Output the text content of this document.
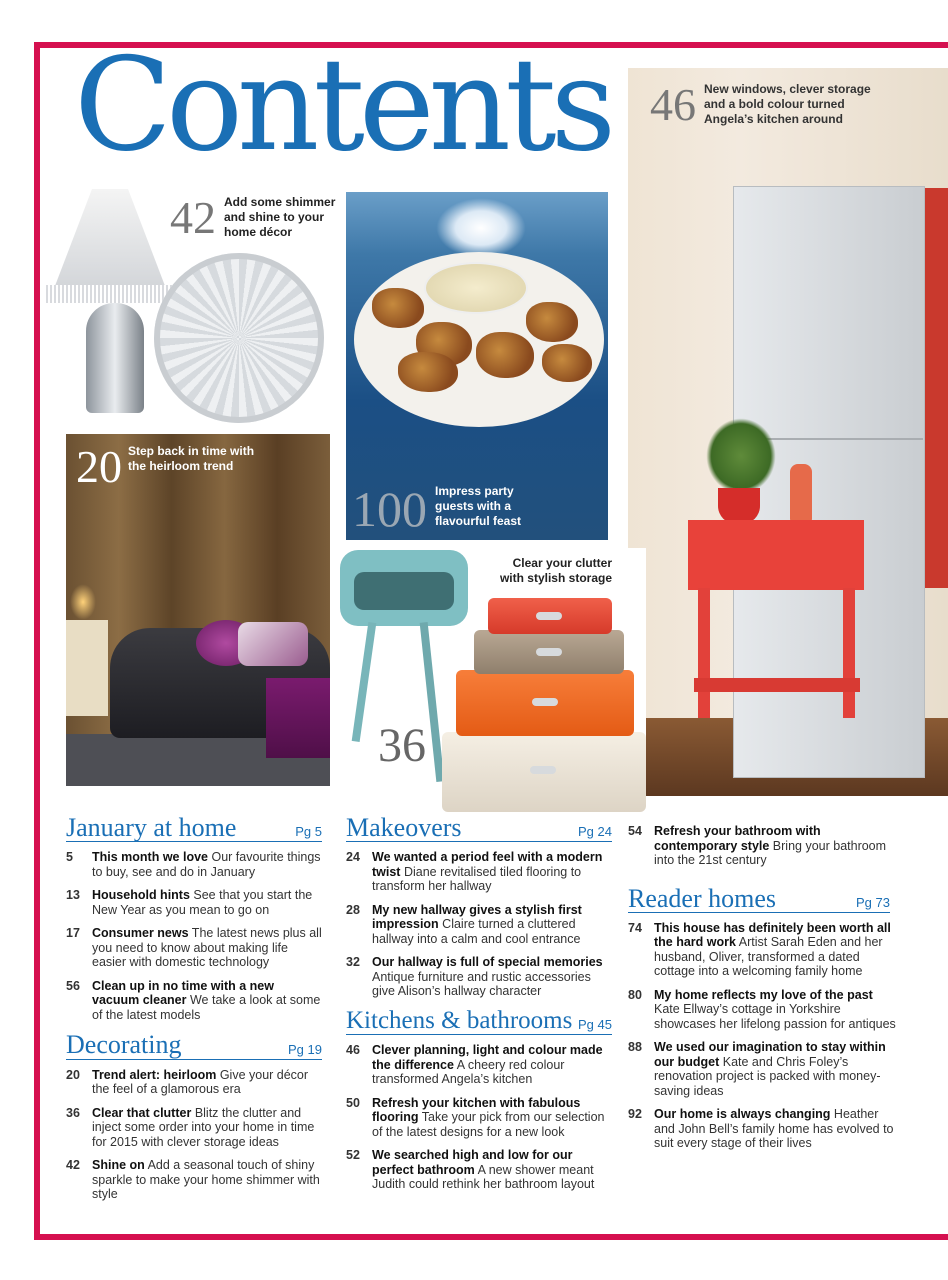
46 New windows, clever storage and a bold colour turned Angela’s kitchen around
Contents
42 Add some shimmer and shine to your home décor
100 Impress party guests with a flavourful feast
20 Step back in time with the heirloom trend
Clear your clutter with stylish storage
36
January at home	Pg 5
5	This month we love Our favourite things to buy, see and do in January
13 Household hints See that you start the New Year as you mean to go on
17 Consumer news The latest news plus all you need to know about making life easier with domestic technology
56 Clean up in no time with a new vacuum cleaner We take a look at some of the latest models
Decorating	Pg 19
20 Trend alert: heirloom Give your décor the feel of a glamorous era
36 Clear that clutter Blitz the clutter and inject some order into your home in time for 2015 with clever storage ideas
42 Shine on Add a seasonal touch of shiny sparkle to make your home shimmer with style
Makeovers	Pg 24
24 We wanted a period feel with a modern twist Diane revitalised tiled flooring to transform her hallway
28 My new hallway gives a stylish first impression Claire turned a cluttered hallway into a calm and cool entrance
32 Our hallway is full of special memories Antique furniture and rustic accessories give Alison’s hallway character
Kitchens & bathrooms Pg 45
46 Clever planning, light and colour made the difference A cheery red colour transformed Angela’s kitchen
50 Refresh your kitchen with fabulous flooring Take your pick from our selection of the latest designs for a new look
52 We searched high and low for our perfect bathroom A new shower meant Judith could rethink her bathroom layout
54 Refresh your bathroom with contemporary style Bring your bathroom into the 21st century
Reader homes	Pg 73
74 This house has definitely been worth all the hard work Artist Sarah Eden and her husband, Oliver, transformed a dated cottage into a welcoming family home
80 My home reflects my love of the past Kate Ellway’s cottage in Yorkshire showcases her lifelong passion for antiques
88 We used our imagination to stay within our budget Kate and Chris Foley’s renovation project is packed with money-saving ideas
92 Our home is always changing Heather and John Bell’s family home has evolved to suit every stage of their lives
